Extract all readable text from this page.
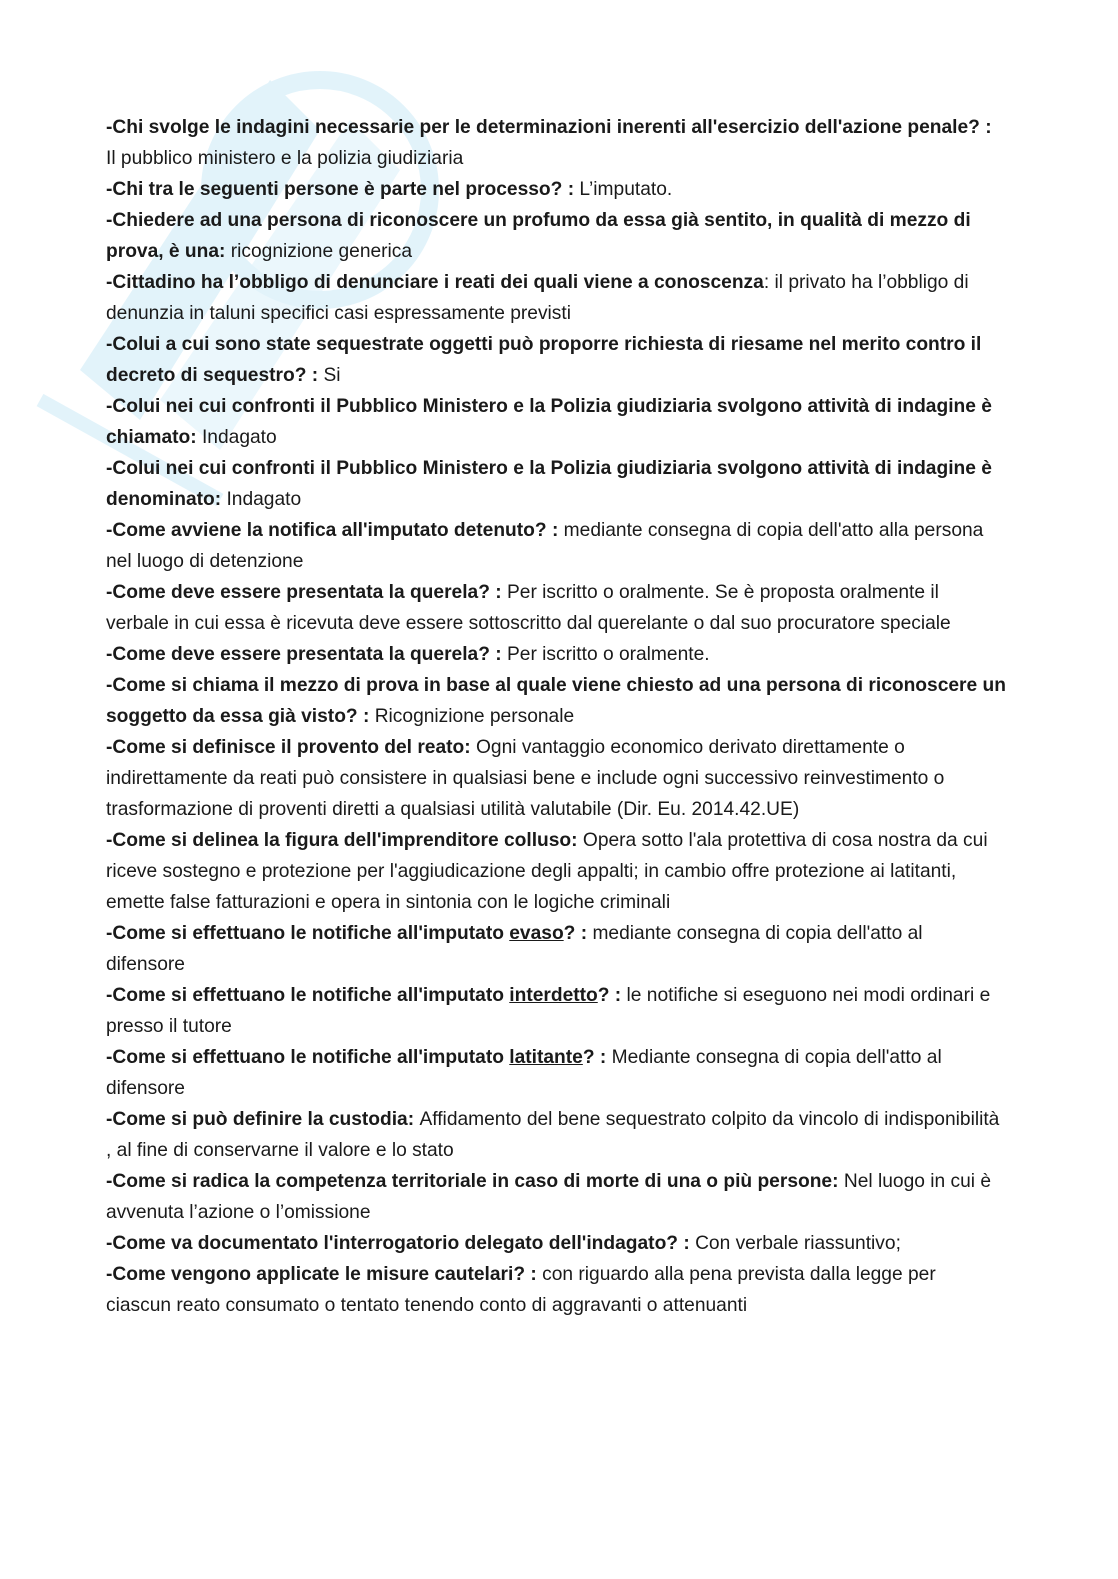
-Chi svolge le indagini necessarie per le determinazioni inerenti all'esercizio dell'azione penale? : Il pubblico ministero e la polizia giudiziaria

-Chi tra le seguenti persone è parte nel processo? : L’imputato.

-Chiedere ad una persona di riconoscere un profumo da essa già sentito, in qualità di mezzo di prova, è una: ricognizione generica

-Cittadino ha l’obbligo di denunciare i reati dei quali viene a conoscenza: il privato ha l’obbligo di denunzia in taluni specifici casi espressamente previsti

-Colui a cui sono state sequestrate oggetti può proporre richiesta di riesame nel merito contro il decreto di sequestro? : Si

-Colui nei cui confronti il Pubblico Ministero e la Polizia giudiziaria svolgono attività di indagine è chiamato: Indagato

-Colui nei cui confronti il Pubblico Ministero e la Polizia giudiziaria svolgono attività di indagine è denominato: Indagato

-Come avviene la notifica all'imputato detenuto? : mediante consegna di copia dell'atto alla persona nel luogo di detenzione

-Come deve essere presentata la querela? : Per iscritto o oralmente. Se è proposta oralmente il verbale in cui essa è ricevuta deve essere sottoscritto dal querelante o dal suo procuratore speciale

-Come deve essere presentata la querela? : Per iscritto o oralmente.

-Come si chiama il mezzo di prova in base al quale viene chiesto ad una persona di riconoscere un soggetto da essa già visto? : Ricognizione personale

-Come si definisce il provento del reato: Ogni vantaggio economico derivato direttamente o indirettamente da reati può consistere in qualsiasi bene e include ogni successivo reinvestimento o trasformazione di proventi diretti a qualsiasi utilità valutabile (Dir. Eu. 2014.42.UE)

-Come si delinea la figura dell'imprenditore colluso: Opera sotto l'ala protettiva di cosa nostra da cui riceve sostegno e protezione per l'aggiudicazione degli appalti; in cambio offre protezione ai latitanti, emette false fatturazioni e opera in sintonia con le logiche criminali

-Come si effettuano le notifiche all'imputato evaso? : mediante consegna di copia dell'atto al difensore

-Come si effettuano le notifiche all'imputato interdetto? : le notifiche si eseguono nei modi ordinari e presso il tutore

-Come si effettuano le notifiche all'imputato latitante? : Mediante consegna di copia dell'atto al difensore

-Come si può definire la custodia: Affidamento del bene sequestrato colpito da vincolo di indisponibilità , al fine di conservarne il valore e lo stato

-Come si radica la competenza territoriale in caso di morte di una o più persone: Nel luogo in cui è avvenuta l’azione o l’omissione

-Come va documentato l'interrogatorio delegato dell'indagato? : Con verbale riassuntivo;

-Come vengono applicate le misure cautelari? : con riguardo alla pena prevista dalla legge per ciascun reato consumato o tentato tenendo conto di aggravanti o attenuanti
